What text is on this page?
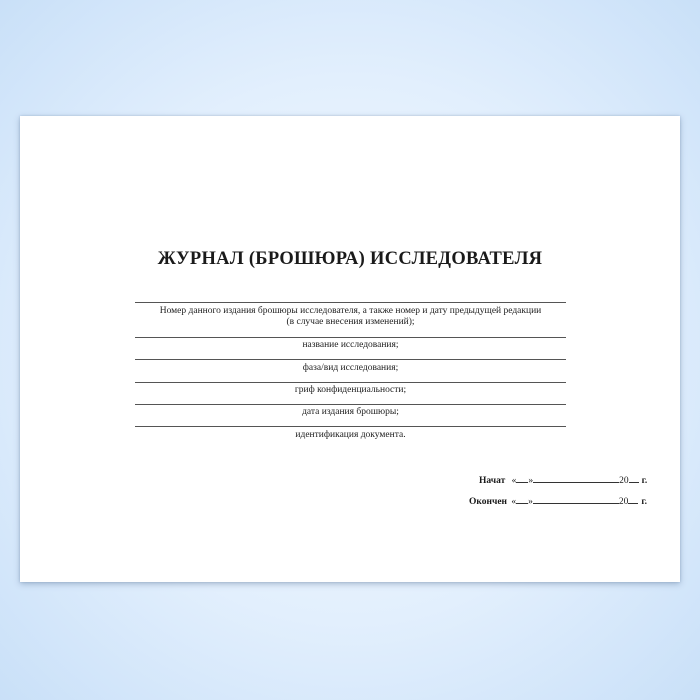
ЖУРНАЛ (БРОШЮРА) ИССЛЕДОВАТЕЛЯ
Номер данного издания брошюры исследователя, а также номер и дату предыдущей редакции
(в случае внесения изменений);
название исследования;
фаза/вид исследования;
гриф конфиденциальности;
дата издания брошюры;
идентификация документа.
Начат « »	20 г.
Окончен « »	20 г.
